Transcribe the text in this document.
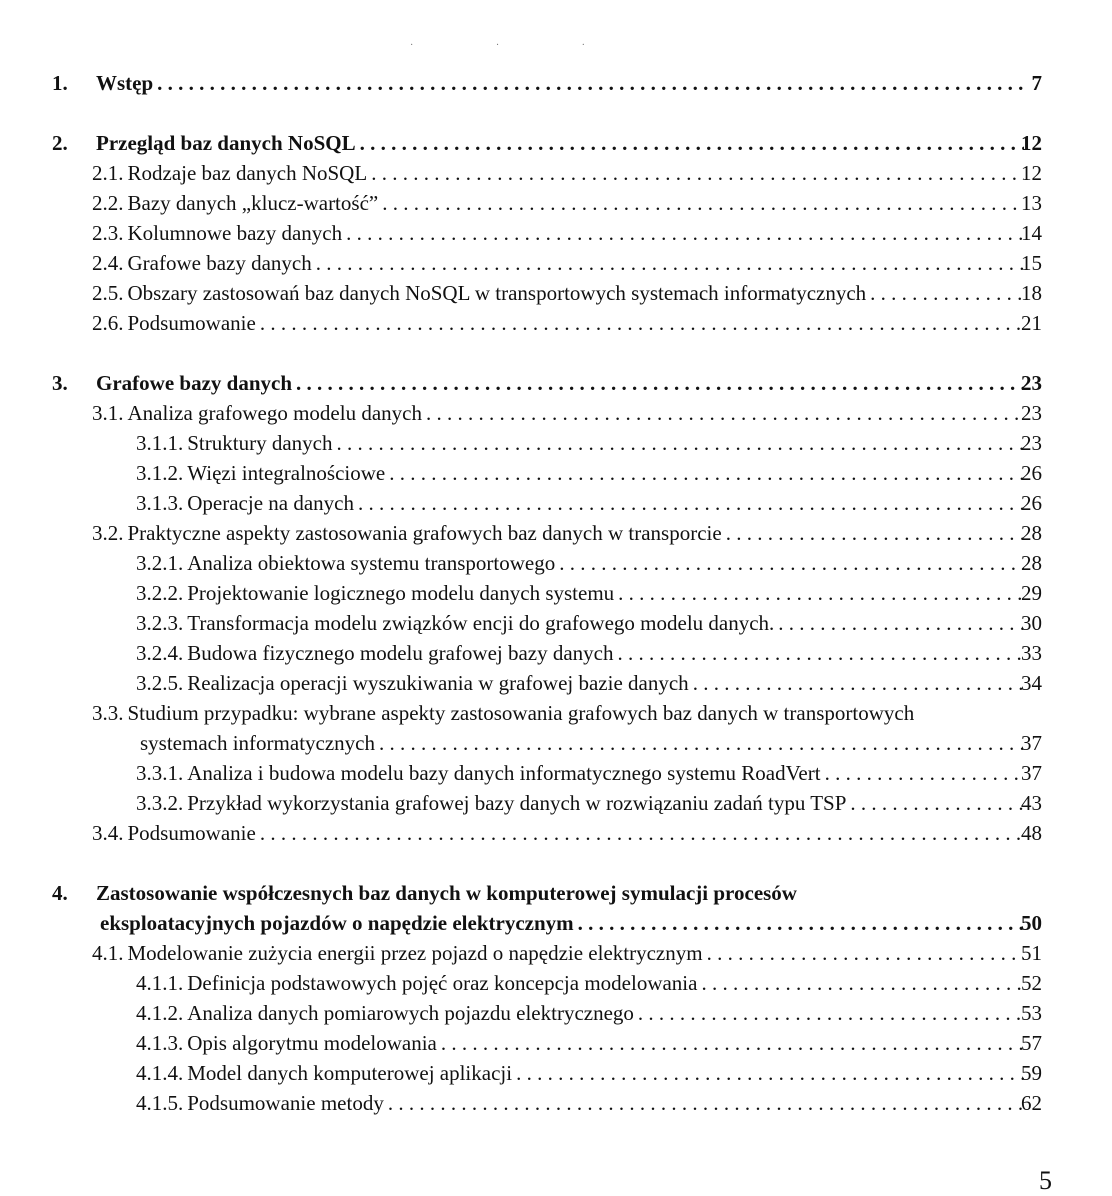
· · ·
1.	Wstęp . . .	7
2.	Przegląd baz danych NoSQL . . .	12
2.1. Rodzaje baz danych NoSQL . . .	12
2.2. Bazy danych „klucz-wartość” . . .	13
2.3. Kolumnowe bazy danych . . .	14
2.4. Grafowe bazy danych . . .	15
2.5. Obszary zastosowań baz danych NoSQL w transportowych systemach informatycznych . . .	18
2.6. Podsumowanie . . .	21
3.	Grafowe bazy danych . . .	23
3.1. Analiza grafowego modelu danych . . .	23
3.1.1. Struktury danych . . .	23
3.1.2. Więzi integralnościowe . . .	26
3.1.3. Operacje na danych . . .	26
3.2. Praktyczne aspekty zastosowania grafowych baz danych w transporcie . . .	28
3.2.1. Analiza obiektowa systemu transportowego . . .	28
3.2.2. Projektowanie logicznego modelu danych systemu . . .	29
3.2.3. Transformacja modelu związków encji do grafowego modelu danych. . . .	30
3.2.4. Budowa fizycznego modelu grafowej bazy danych . . .	33
3.2.5. Realizacja operacji wyszukiwania w grafowej bazie danych . . .	34
3.3. Studium przypadku: wybrane aspekty zastosowania grafowych baz danych w transportowych
systemach informatycznych . . .	37
3.3.1. Analiza i budowa modelu bazy danych informatycznego systemu RoadVert . . .	37
3.3.2. Przykład wykorzystania grafowej bazy danych w rozwiązaniu zadań typu TSP . . .	43
3.4. Podsumowanie . . .	48
4.	Zastosowanie współczesnych baz danych w komputerowej symulacji procesów
eksploatacyjnych pojazdów o napędzie elektrycznym . . .	50
4.1. Modelowanie zużycia energii przez pojazd o napędzie elektrycznym . . .	51
4.1.1. Definicja podstawowych pojęć oraz koncepcja modelowania . . .	52
4.1.2. Analiza danych pomiarowych pojazdu elektrycznego . . .	53
4.1.3. Opis algorytmu modelowania . . .	57
4.1.4. Model danych komputerowej aplikacji . . .	59
4.1.5. Podsumowanie metody . . .	62
5
